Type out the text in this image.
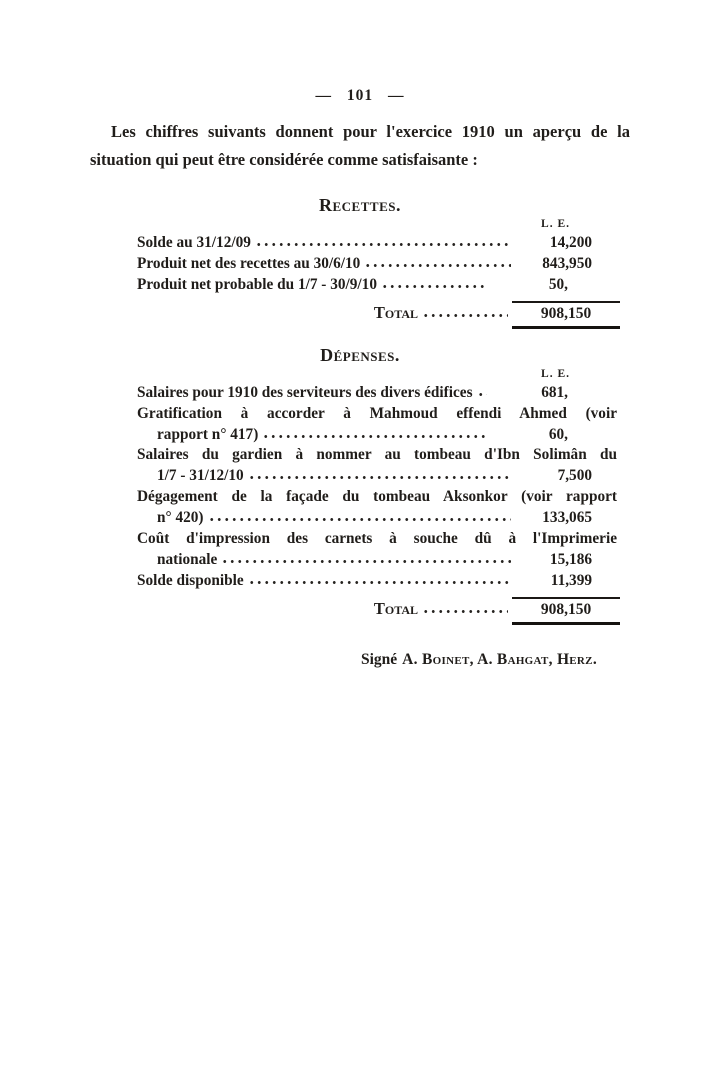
— 101 —
Les chiffres suivants donnent pour l'exercice 1910 un aperçu de la
situation qui peut être considérée comme satisfaisante :
Recettes.
L. E.
Solde au 31/12/09	14,200
Produit net des recettes au 30/6/10	843,950
Produit net probable du 1/7 - 30/9/10	50,
Total	908,150
Dépenses.
L. E.
Salaires pour 1910 des serviteurs des divers édifices	681,
Gratification à accorder à Mahmoud effendi Ahmed (voir
rapport n° 417)	60,
Salaires du gardien à nommer au tombeau d'Ibn Solimân du
1/7 - 31/12/10	7,500
Dégagement de la façade du tombeau Aksonkor (voir rapport
n° 420)	133,065
Coût d'impression des carnets à souche dû à l'Imprimerie
nationale	15,186
Solde disponible	11,399
Total	908,150
Signé A. Boinet, A. Bahgat, Herz.
